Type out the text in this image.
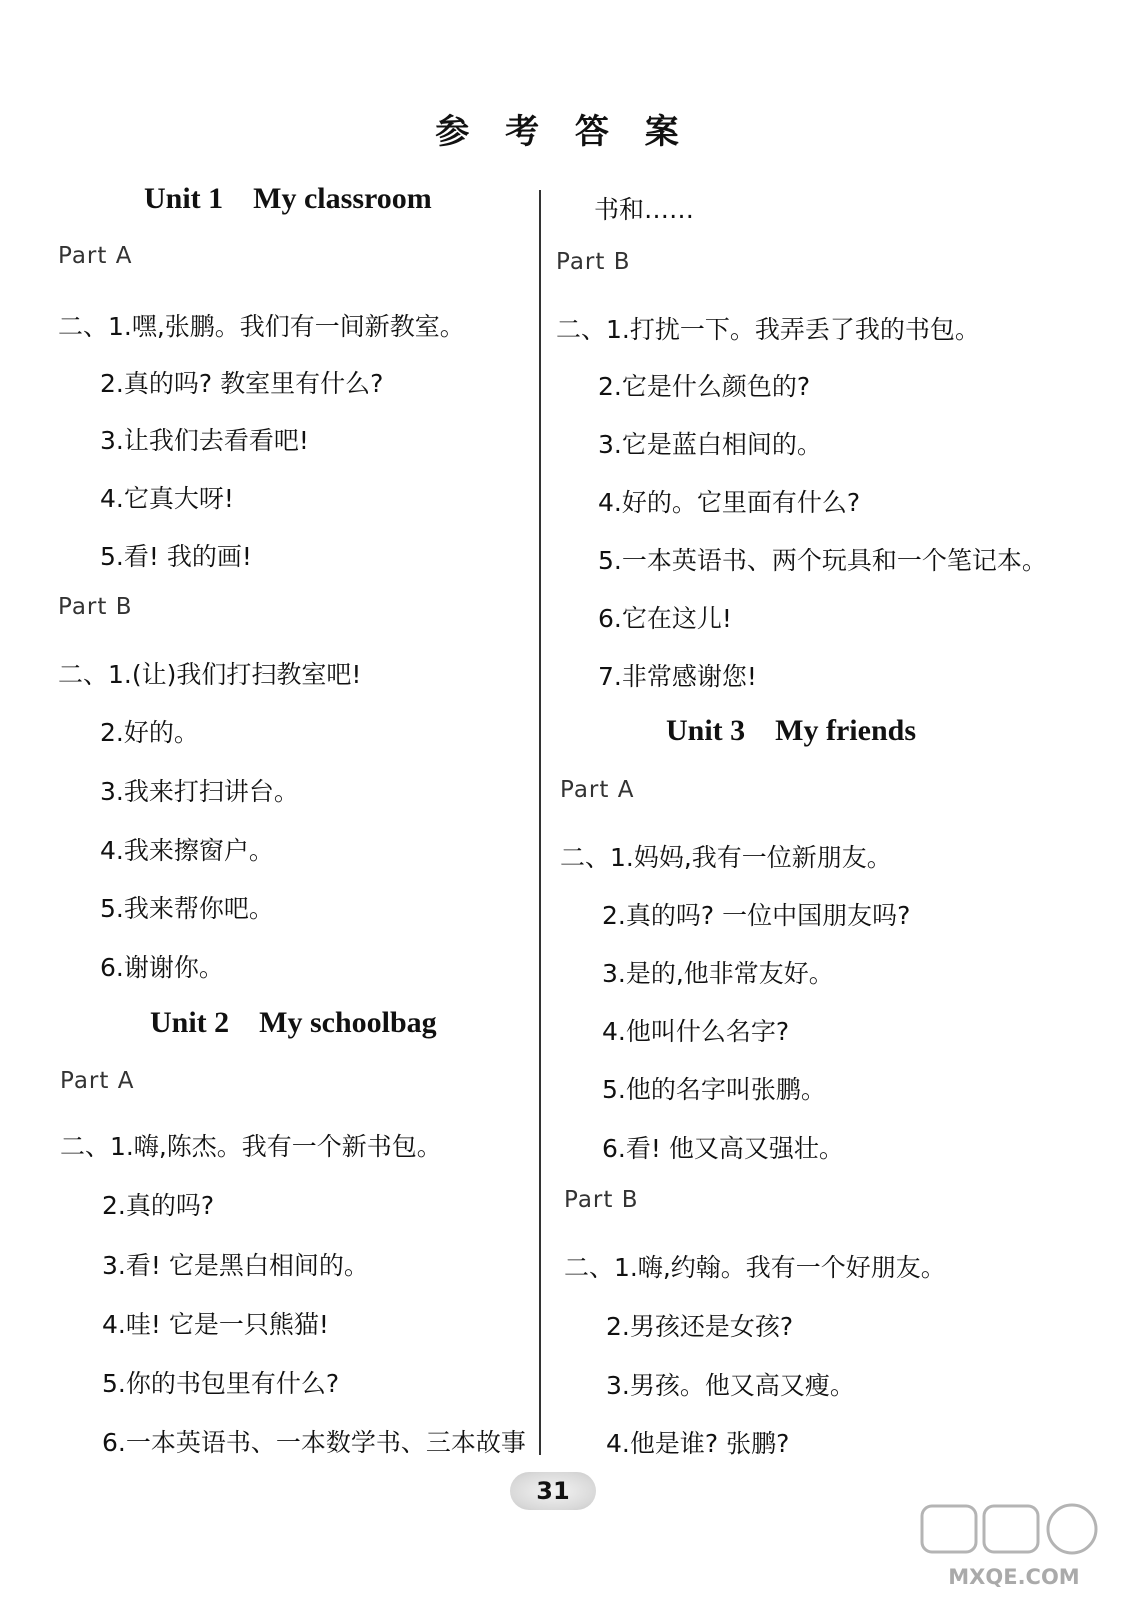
参 考 答 案
Unit 1    My classroom
Part A
二、1.嘿,张鹏。我们有一间新教室。
2.真的吗? 教室里有什么?
3.让我们去看看吧!
4.它真大呀!
5.看! 我的画!
Part B
二、1.(让)我们打扫教室吧!
2.好的。
3.我来打扫讲台。
4.我来擦窗户。
5.我来帮你吧。
6.谢谢你。
Unit 2    My schoolbag
Part A
二、1.嗨,陈杰。我有一个新书包。
2.真的吗?
3.看! 它是黑白相间的。
4.哇! 它是一只熊猫!
5.你的书包里有什么?
6.一本英语书、一本数学书、三本故事
书和……
Part B
二、1.打扰一下。我弄丢了我的书包。
2.它是什么颜色的?
3.它是蓝白相间的。
4.好的。它里面有什么?
5.一本英语书、两个玩具和一个笔记本。
6.它在这儿!
7.非常感谢您!
Unit 3    My friends
Part A
二、1.妈妈,我有一位新朋友。
2.真的吗? 一位中国朋友吗?
3.是的,他非常友好。
4.他叫什么名字?
5.他的名字叫张鹏。
6.看! 他又高又强壮。
Part B
二、1.嗨,约翰。我有一个好朋友。
2.男孩还是女孩?
3.男孩。他又高又瘦。
4.他是谁? 张鹏?
31
MXQE.COM
